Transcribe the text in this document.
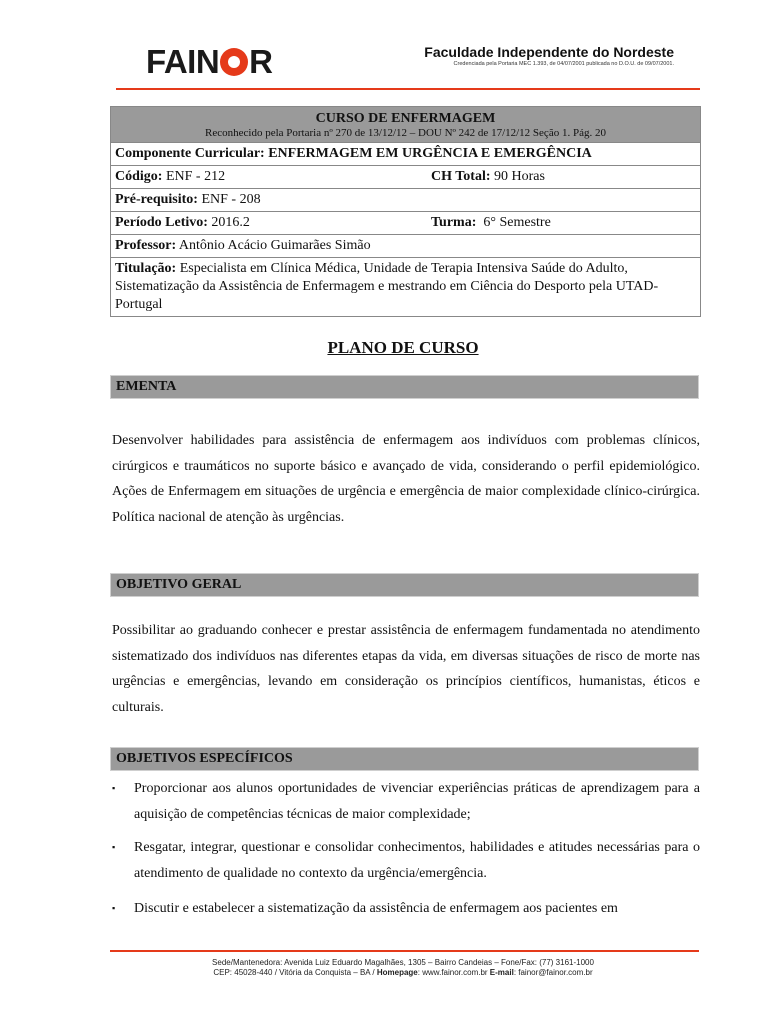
FAIN R	Faculdade Independente do Nordeste
Credenciada pela Portaria MEC 1.393, de 04/07/2001 publicada no D.O.U. de 09/07/2001.
CURSO DE ENFERMAGEM
Reconhecido pela Portaria nº 270 de 13/12/12 – DOU Nº 242 de 17/12/12 Seção 1. Pág. 20
Componente Curricular: ENFERMAGEM EM URGÊNCIA E EMERGÊNCIA
Código: ENF - 212	CH Total: 90 Horas
Pré-requisito: ENF - 208
Período Letivo: 2016.2	Turma: 6° Semestre
Professor: Antônio Acácio Guimarães Simão
Titulação: Especialista em Clínica Médica, Unidade de Terapia Intensiva Saúde do Adulto, Sistematização da Assistência de Enfermagem e mestrando em Ciência do Desporto pela UTAD- Portugal
PLANO DE CURSO
EMENTA
Desenvolver habilidades para assistência de enfermagem aos indivíduos com problemas clínicos, cirúrgicos e traumáticos no suporte básico e avançado de vida, considerando o perfil epidemiológico. Ações de Enfermagem em situações de urgência e emergência de maior complexidade clínico-cirúrgica. Política nacional de atenção às urgências.
OBJETIVO GERAL
Possibilitar ao graduando conhecer e prestar assistência de enfermagem fundamentada no atendimento sistematizado dos indivíduos nas diferentes etapas da vida, em diversas situações de risco de morte nas urgências e emergências, levando em consideração os princípios científicos, humanistas, éticos e culturais.
OBJETIVOS ESPECÍFICOS
▪ Proporcionar aos alunos oportunidades de vivenciar experiências práticas de aprendizagem para a aquisição de competências técnicas de maior complexidade;
▪ Resgatar, integrar, questionar e consolidar conhecimentos, habilidades e atitudes necessárias para o atendimento de qualidade no contexto da urgência/emergência.
▪ Discutir e estabelecer a sistematização da assistência de enfermagem aos pacientes em
Sede/Mantenedora: Avenida Luiz Eduardo Magalhães, 1305 – Bairro Candeias – Fone/Fax: (77) 3161-1000
CEP: 45028-440 / Vitória da Conquista – BA / Homepage: www.fainor.com.br E-mail: fainor@fainor.com.br
